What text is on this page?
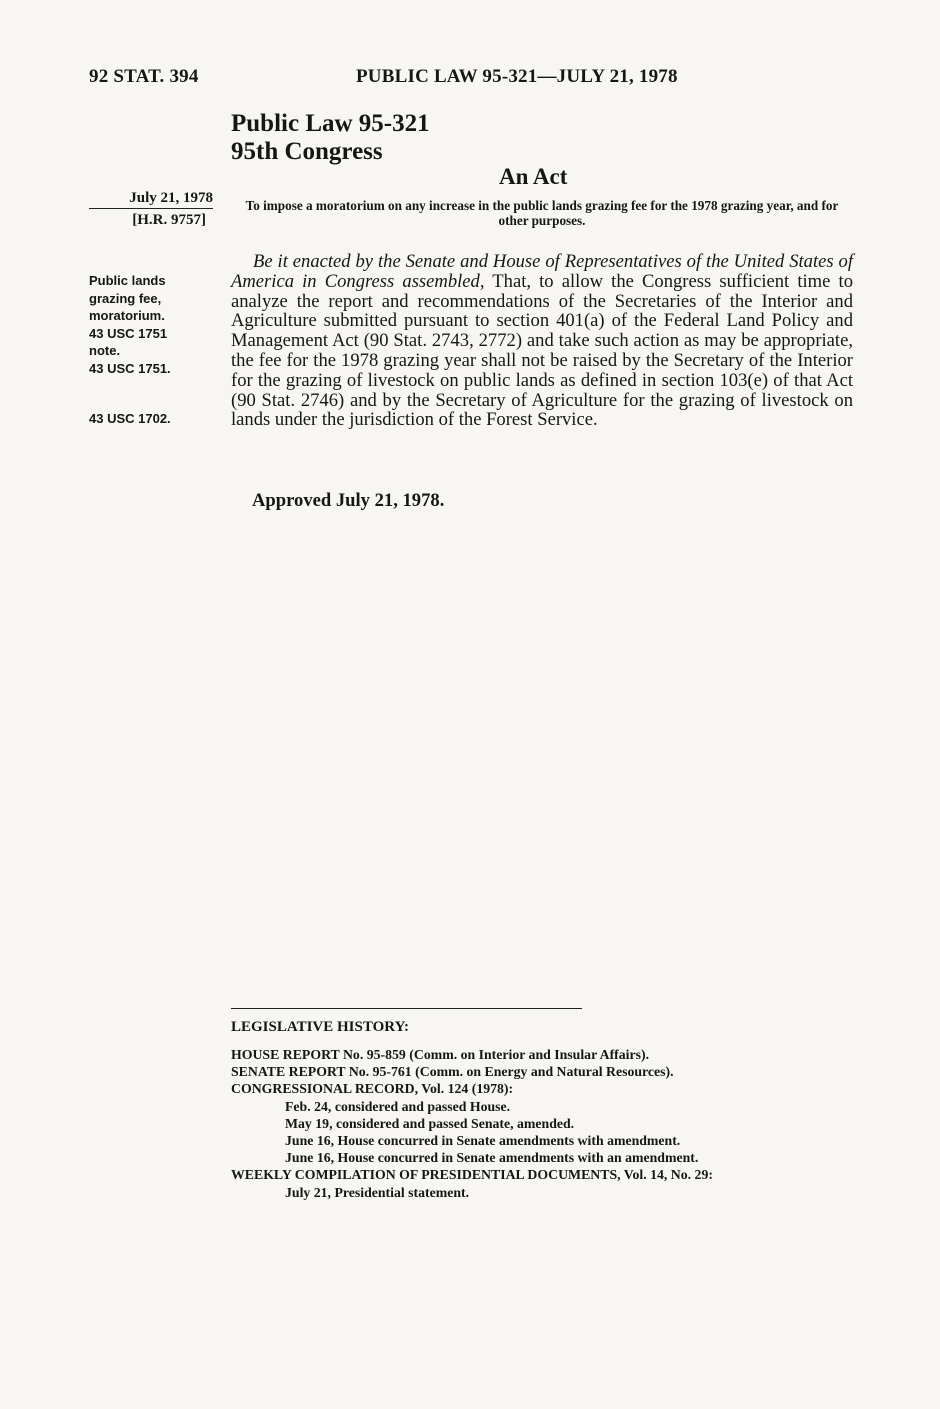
92 STAT. 394	PUBLIC LAW 95-321—JULY 21, 1978
Public Law 95-321
95th Congress
An Act
July 21, 1978
[H.R. 9757]
To impose a moratorium on any increase in the public lands grazing fee for the 1978 grazing year, and for other purposes.
Public lands
grazing fee,
moratorium.
43 USC 1751
note.
43 USC 1751.
43 USC 1702.
Be it enacted by the Senate and House of Representatives of the United States of America in Congress assembled, That, to allow the Congress sufficient time to analyze the report and recommendations of the Secretaries of the Interior and Agriculture submitted pursuant to section 401(a) of the Federal Land Policy and Management Act (90 Stat. 2743, 2772) and take such action as may be appropriate, the fee for the 1978 grazing year shall not be raised by the Secretary of the Interior for the grazing of livestock on public lands as defined in section 103(e) of that Act (90 Stat. 2746) and by the Secretary of Agriculture for the grazing of livestock on lands under the jurisdiction of the Forest Service.
Approved July 21, 1978.
LEGISLATIVE HISTORY:
HOUSE REPORT No. 95-859 (Comm. on Interior and Insular Affairs).
SENATE REPORT No. 95-761 (Comm. on Energy and Natural Resources).
CONGRESSIONAL RECORD, Vol. 124 (1978):
Feb. 24, considered and passed House.
May 19, considered and passed Senate, amended.
June 16, House concurred in Senate amendments with amendment.
June 16, House concurred in Senate amendments with an amendment.
WEEKLY COMPILATION OF PRESIDENTIAL DOCUMENTS, Vol. 14, No. 29:
July 21, Presidential statement.
